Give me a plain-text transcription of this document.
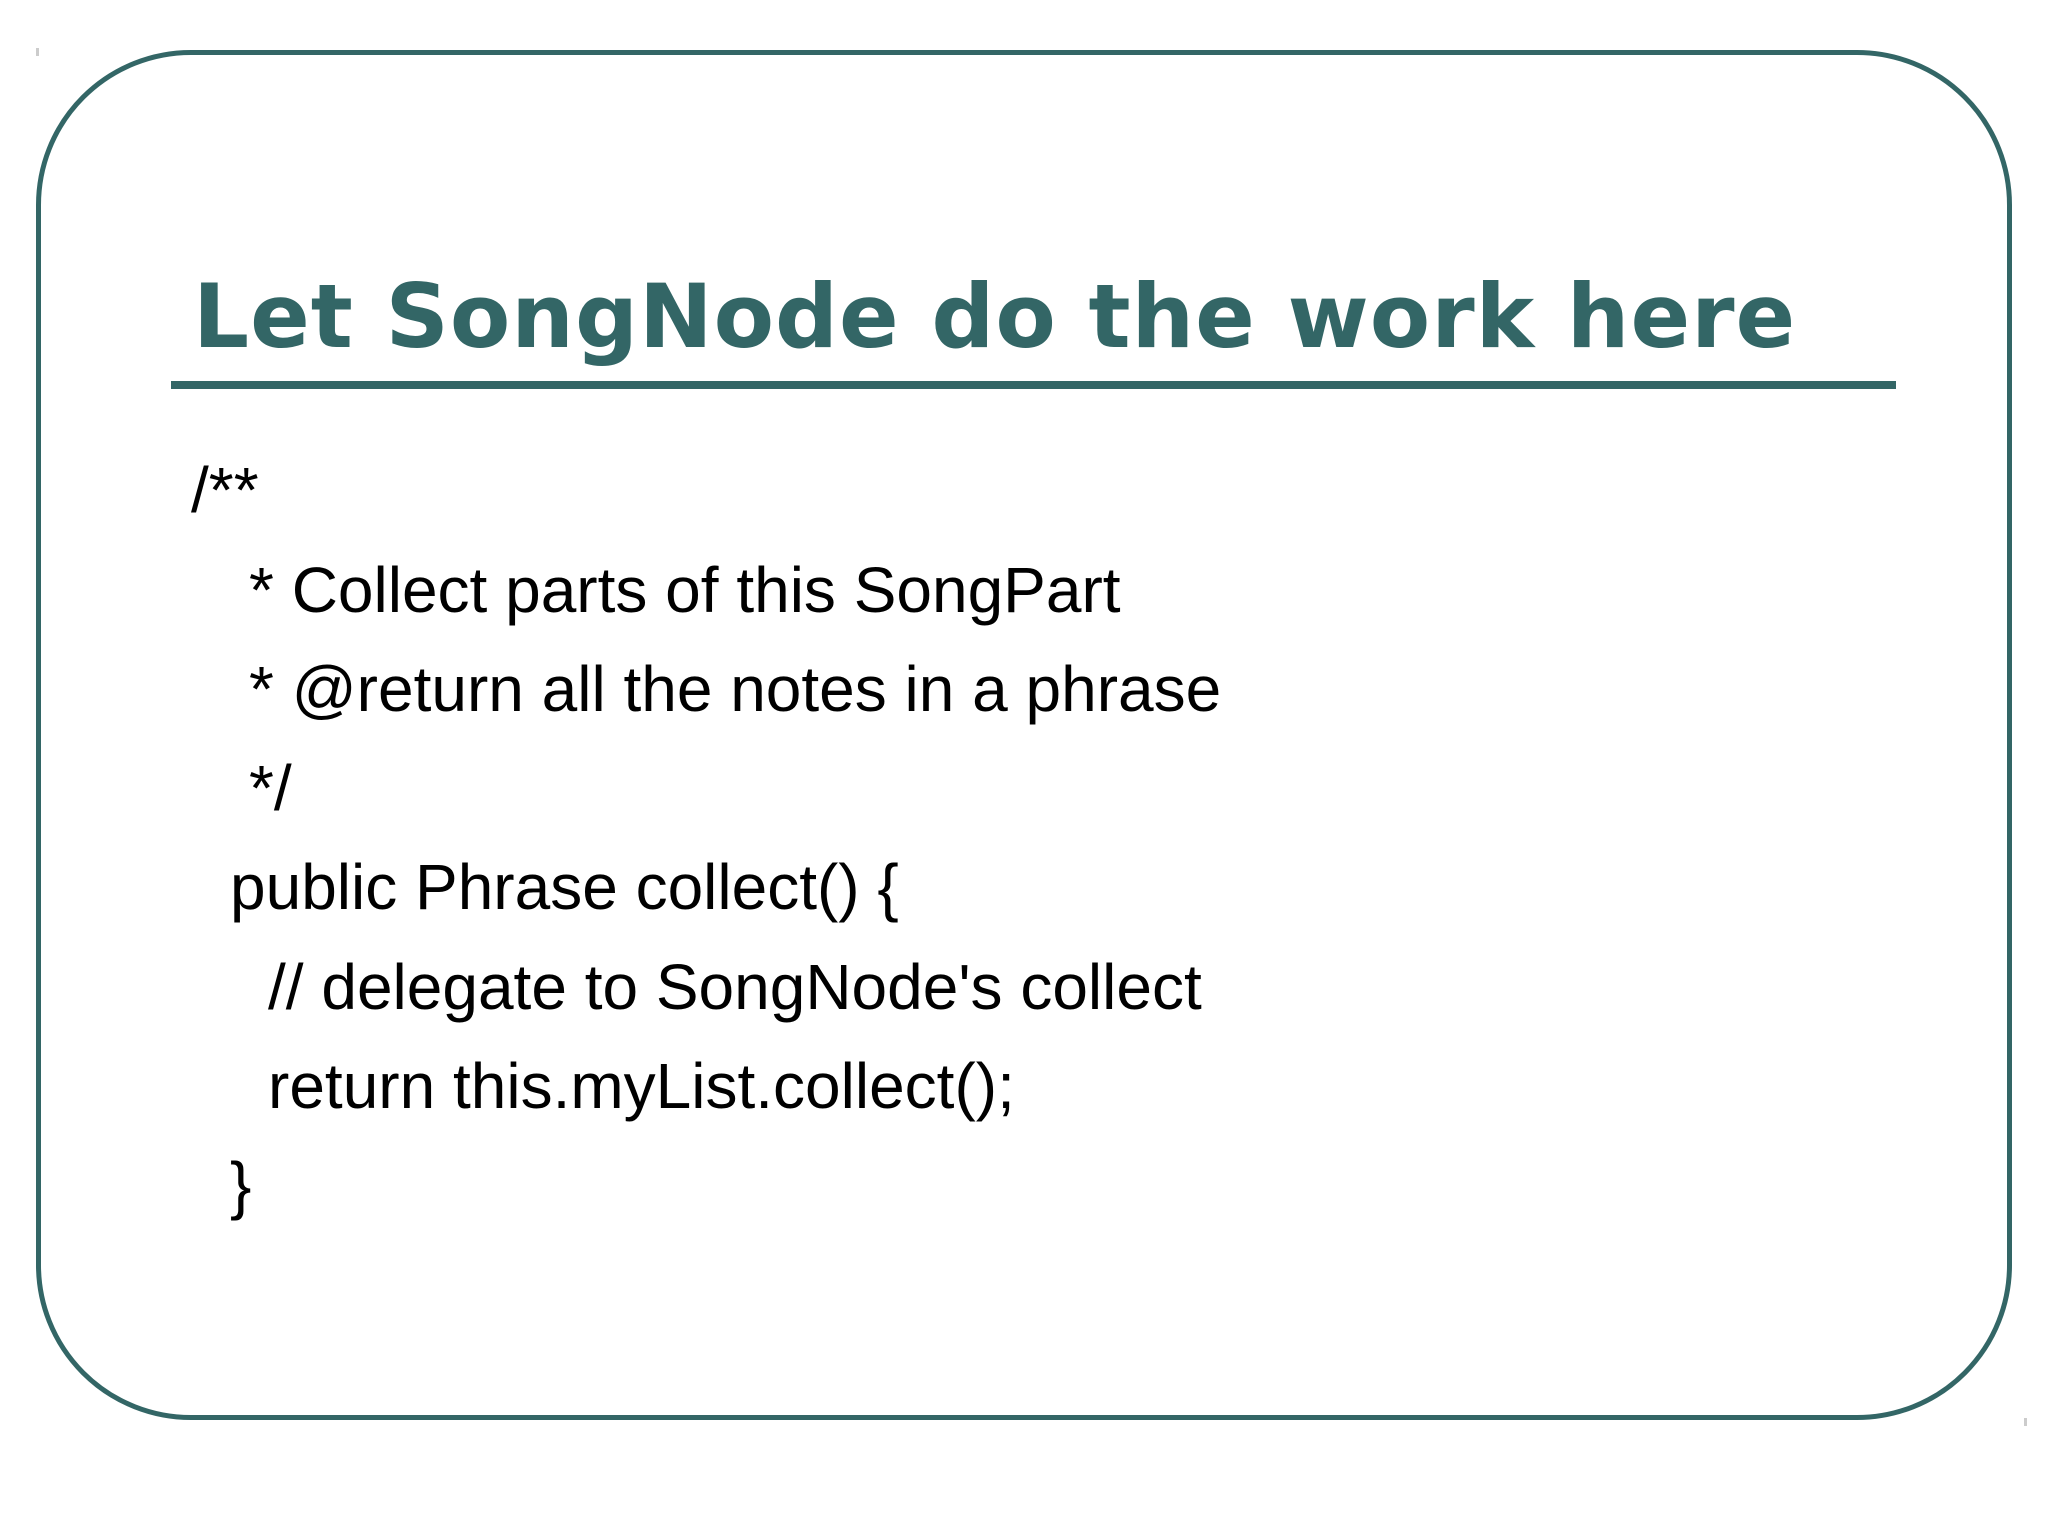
Let SongNode do the work here
/**
* Collect parts of this SongPart
* @return all the notes in a phrase
*/
public Phrase collect() {
// delegate to SongNode's collect
return this.myList.collect();
}
